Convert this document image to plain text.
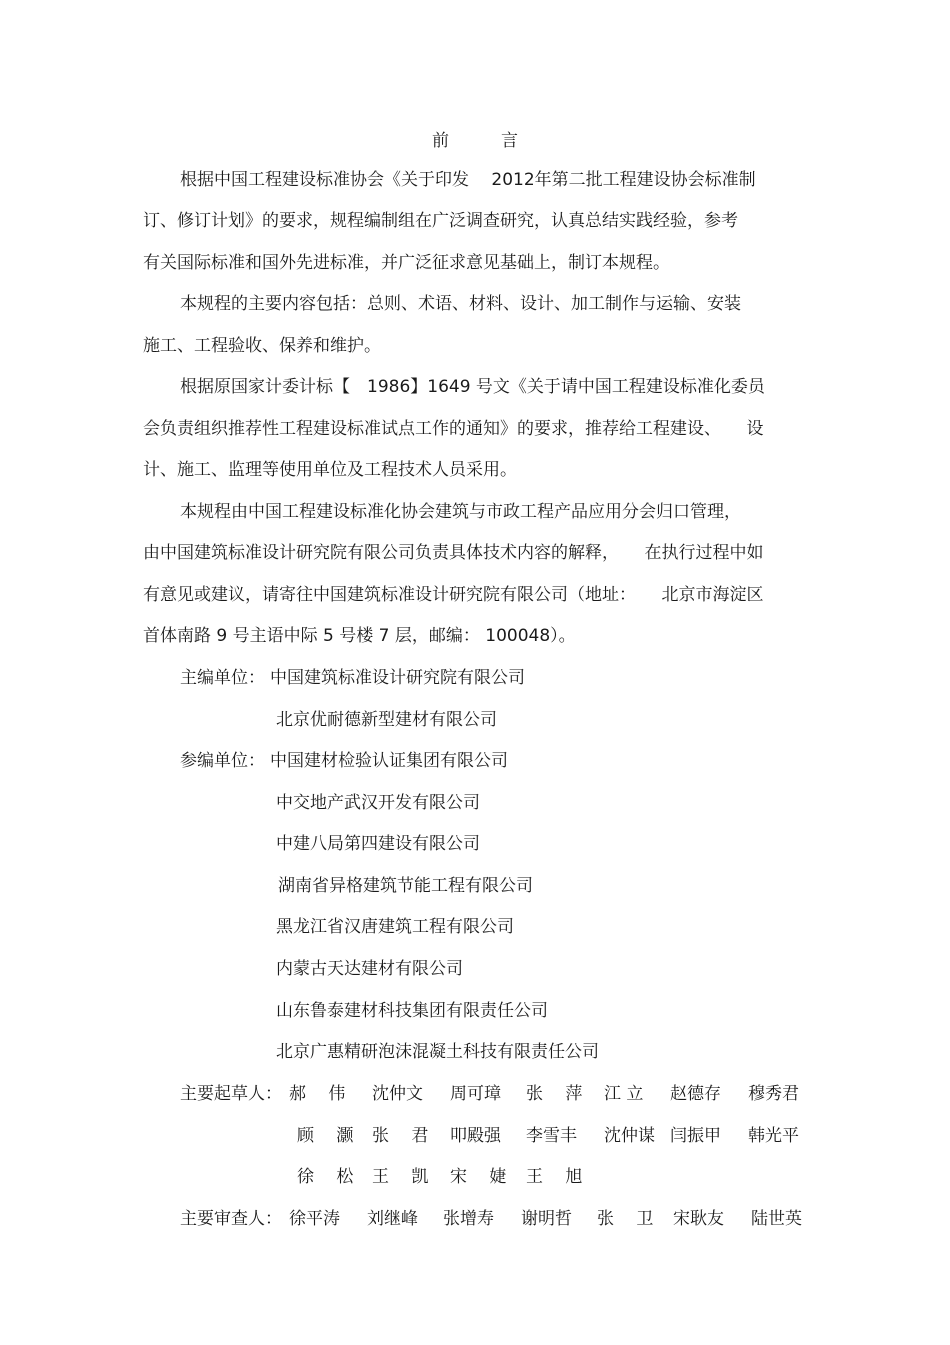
前	言
根据中国工程建设标准协会《关于印发　 2012年第二批工程建设协会标准制
订、修订计划》的要求，规程编制组在广泛调查研究，认真总结实践经验，参考
有关国际标准和国外先进标准，并广泛征求意见基础上，制订本规程。
本规程的主要内容包括：总则、术语、材料、设计、加工制作与运输、安装
施工、工程验收、保养和维护。
根据原国家计委计标【　1986】1649 号文《关于请中国工程建设标准化委员
会负责组织推荐性工程建设标准试点工作的通知》的要求，推荐给工程建设、　　设
计、施工、监理等使用单位及工程技术人员采用。
本规程由中国工程建设标准化协会建筑与市政工程产品应用分会归口管理，
由中国建筑标准设计研究院有限公司负责具体技术内容的解释，　　在执行过程中如
有意见或建议，请寄往中国建筑标准设计研究院有限公司（地址：　　北京市海淀区
首体南路 9 号主语中际 5 号楼 7 层，邮编： 100048）。
主编单位： 中国建筑标准设计研究院有限公司
北京优耐德新型建材有限公司
参编单位： 中国建材检验认证集团有限公司
中交地产武汉开发有限公司
中建八局第四建设有限公司
湖南省异格建筑节能工程有限公司
黑龙江省汉唐建筑工程有限公司
内蒙古天达建材有限公司
山东鲁泰建材科技集团有限责任公司
北京广惠精研泡沫混凝土科技有限责任公司
主要起草人： 郝　 伟 沈仲文 周可璋 张　 萍 江 立 赵德存 穆秀君
顾　 灏 张　 君 叩殿强 李雪丰 沈仲谋 闫振甲 韩光平
徐　 松 王　 凯 宋　 婕 王　 旭
主要审查人： 徐平涛 刘继峰 张增寿 谢明哲 张　 卫 宋耿友 陆世英
